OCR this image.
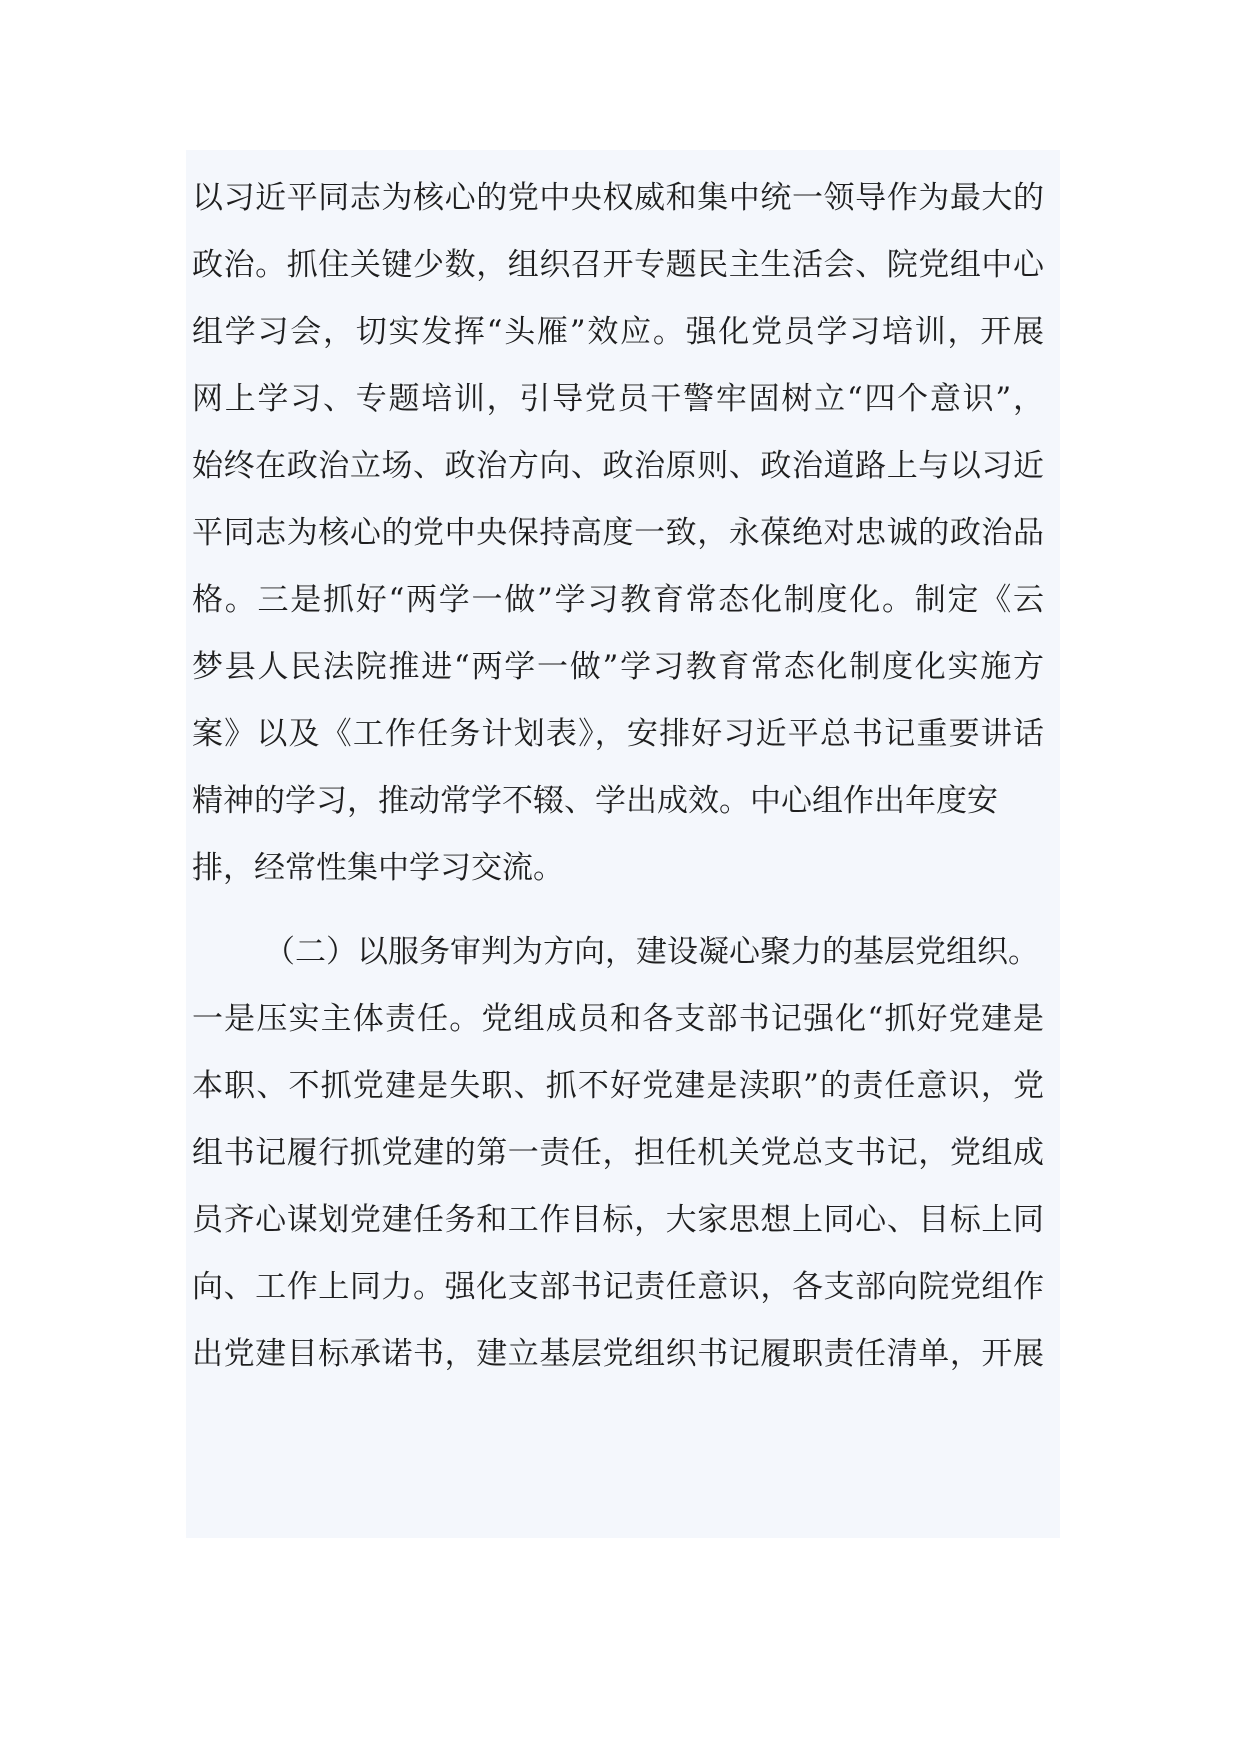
以习近平同志为核心的党中央权威和集中统一领导作为最大的
政治。抓住关键少数，组织召开专题民主生活会、院党组中心
组学习会，切实发挥“头雁”效应。强化党员学习培训，开展
网上学习、专题培训，引导党员干警牢固树立“四个意识”，
始终在政治立场、政治方向、政治原则、政治道路上与以习近
平同志为核心的党中央保持高度一致，永葆绝对忠诚的政治品
格。三是抓好“两学一做”学习教育常态化制度化。制定《云
梦县人民法院推进“两学一做”学习教育常态化制度化实施方
案》以及《工作任务计划表》，安排好习近平总书记重要讲话
精神的学习，推动常学不辍、学出成效。中心组作出年度安
排，经常性集中学习交流。
（二）以服务审判为方向，建设凝心聚力的基层党组织。
一是压实主体责任。党组成员和各支部书记强化“抓好党建是
本职、不抓党建是失职、抓不好党建是渎职”的责任意识，党
组书记履行抓党建的第一责任，担任机关党总支书记，党组成
员齐心谋划党建任务和工作目标，大家思想上同心、目标上同
向、工作上同力。强化支部书记责任意识，各支部向院党组作
出党建目标承诺书，建立基层党组织书记履职责任清单，开展
